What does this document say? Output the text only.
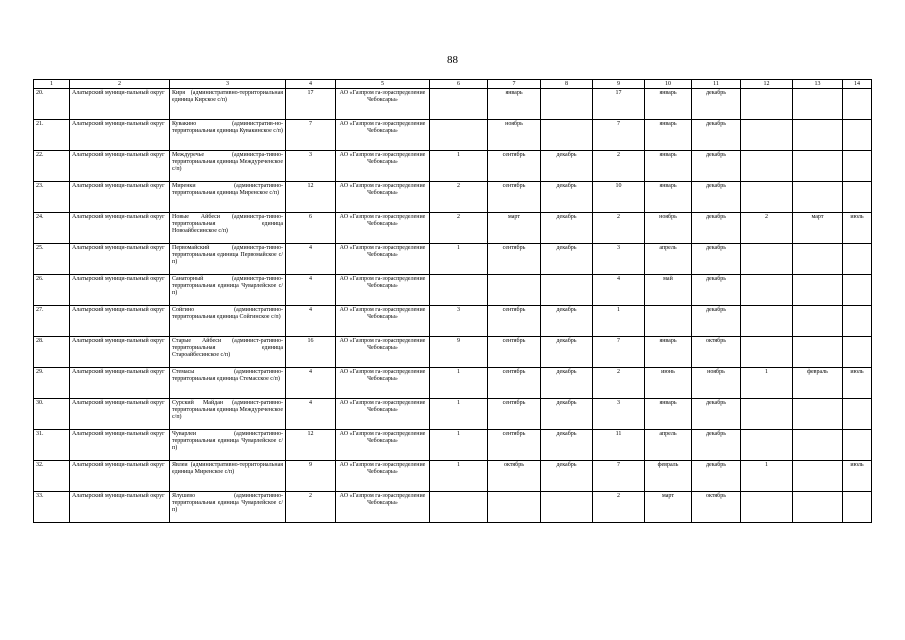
88
1	2	3	4	5	6	7	8	9	10	11	12	13	14
20.	Алатырский муници-пальный округ	Киря (административно-территориальная единица Кирское с/п)	17	АО «Газпром га-зораспределение Чебоксары»		январь		17	январь	декабрь			
21.	Алатырский муници-пальный округ	Кувакино (административ-но-территориальная единица Кувакинское с/п)	7	АО «Газпром га-зораспределение Чебоксары»		ноябрь		7	январь	декабрь			
22.	Алатырский муници-пальный округ	Междуречье (администра-тивно-территориальная единица Междуреченское с/п)	3	АО «Газпром га-зораспределение Чебоксары»	1	сентябрь	декабрь	2	январь	декабрь			
23.	Алатырский муници-пальный округ	Миренки (административно-территориальная единица Миренское с/п)	12	АО «Газпром га-зораспределение Чебоксары»	2	сентябрь	декабрь	10	январь	декабрь			
24.	Алатырский муници-пальный округ	Новые Айбеси (администра-тивно-территориальная единица Новоайбесинское с/п)	6	АО «Газпром га-зораспределение Чебоксары»	2	март	декабрь	2	ноябрь	декабрь	2	март	июль
25.	Алатырский муници-пальный округ	Первомайский (администра-тивно-территориальная единица Первомайское с/п)	4	АО «Газпром га-зораспределение Чебоксары»	1	сентябрь	декабрь	3	апрель	декабрь			
26.	Алатырский муници-пальный округ	Санаторный (администра-тивно-территориальная единица Чуварлейское с/п)	4	АО «Газпром га-зораспределение Чебоксары»				4	май	декабрь			
27.	Алатырский муници-пальный округ	Сойгино (административно-территориальная единица Сойгинское с/п)	4	АО «Газпром га-зораспределение Чебоксары»	3	сентябрь	декабрь	1		декабрь			
28.	Алатырский муници-пальный округ	Старые Айбеси (админист-ративно-территориальная единица Староайбесинское с/п)	16	АО «Газпром га-зораспределение Чебоксары»	9	сентябрь	декабрь	7	январь	октябрь			
29.	Алатырский муници-пальный округ	Стемасы (административно-территориальная единица Стемасское с/п)	4	АО «Газпром га-зораспределение Чебоксары»	1	сентябрь	декабрь	2	июнь	ноябрь	1	февраль	июль
30.	Алатырский муници-пальный округ	Сурский Майдан (админист-ративно-территориальная единица Междуреченское с/п)	4	АО «Газпром га-зораспределение Чебоксары»	1	сентябрь	декабрь	3	январь	декабрь			
31.	Алатырский муници-пальный округ	Чуварлеи (административно-территориальная единица Чуварлейское с/п)	12	АО «Газпром га-зораспределение Чебоксары»	1	сентябрь	декабрь	11	апрель	декабрь			
32.	Алатырский муници-пальный округ	Явлеи (административно-территориальная единица Миренское с/п)	9	АО «Газпром га-зораспределение Чебоксары»	1	октябрь	декабрь	7	февраль	декабрь	1		июль
33.	Алатырский муници-пальный округ	Ялушево (административно-территориальная единица Чуварлейское с/п)	2	АО «Газпром га-зораспределение Чебоксары»				2	март	октябрь			
